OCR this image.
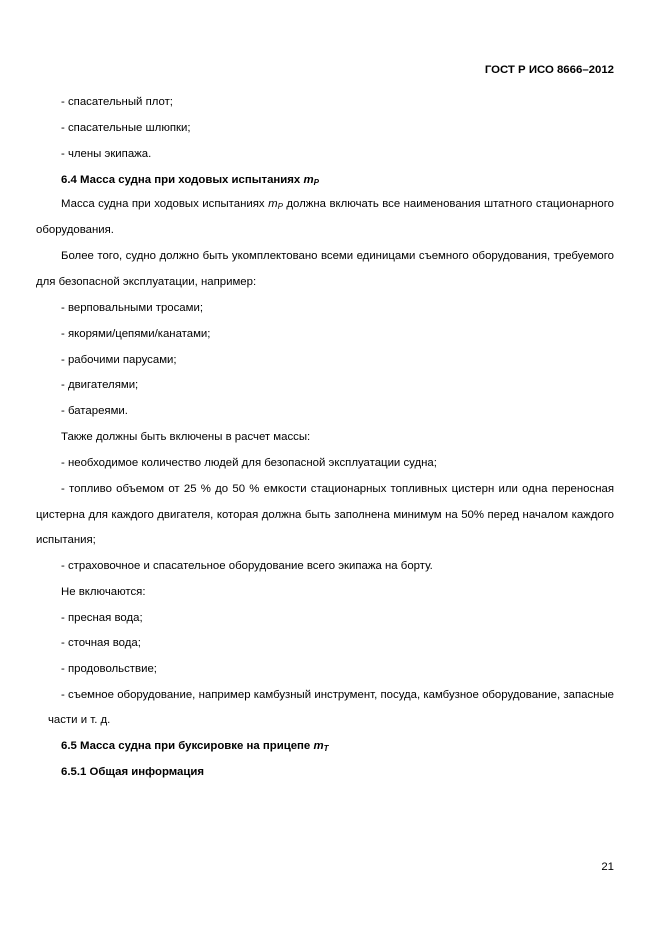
ГОСТ Р ИСО 8666–2012
- спасательный плот;
- спасательные шлюпки;
- члены экипажа.
6.4 Масса судна при ходовых испытаниях $m_P$
Масса судна при ходовых испытаниях $m_P$ должна включать все наименования штатного стационарного
оборудования.
Более того, судно должно быть укомплектовано всеми единицами съемного оборудования, требуемого
для безопасной эксплуатации, например:
- верповальными тросами;
- якорями/цепями/канатами;
- рабочими парусами;
- двигателями;
- батареями.
Также должны быть включены в расчет массы:
- необходимое количество людей для безопасной эксплуатации судна;
- топливо объемом от 25 % до 50 % емкости стационарных топливных цистерн или одна переносная
цистерна для каждого двигателя, которая должна быть заполнена минимум на 50% перед началом каждого
испытания;
- страховочное и спасательное оборудование всего экипажа на борту.
Не включаются:
- пресная вода;
- сточная вода;
- продовольствие;
- съемное оборудование, например камбузный инструмент, посуда, камбузное оборудование, запасные
части и т. д.
6.5 Масса судна при буксировке на прицепе $m_T$
6.5.1 Общая информация
21
